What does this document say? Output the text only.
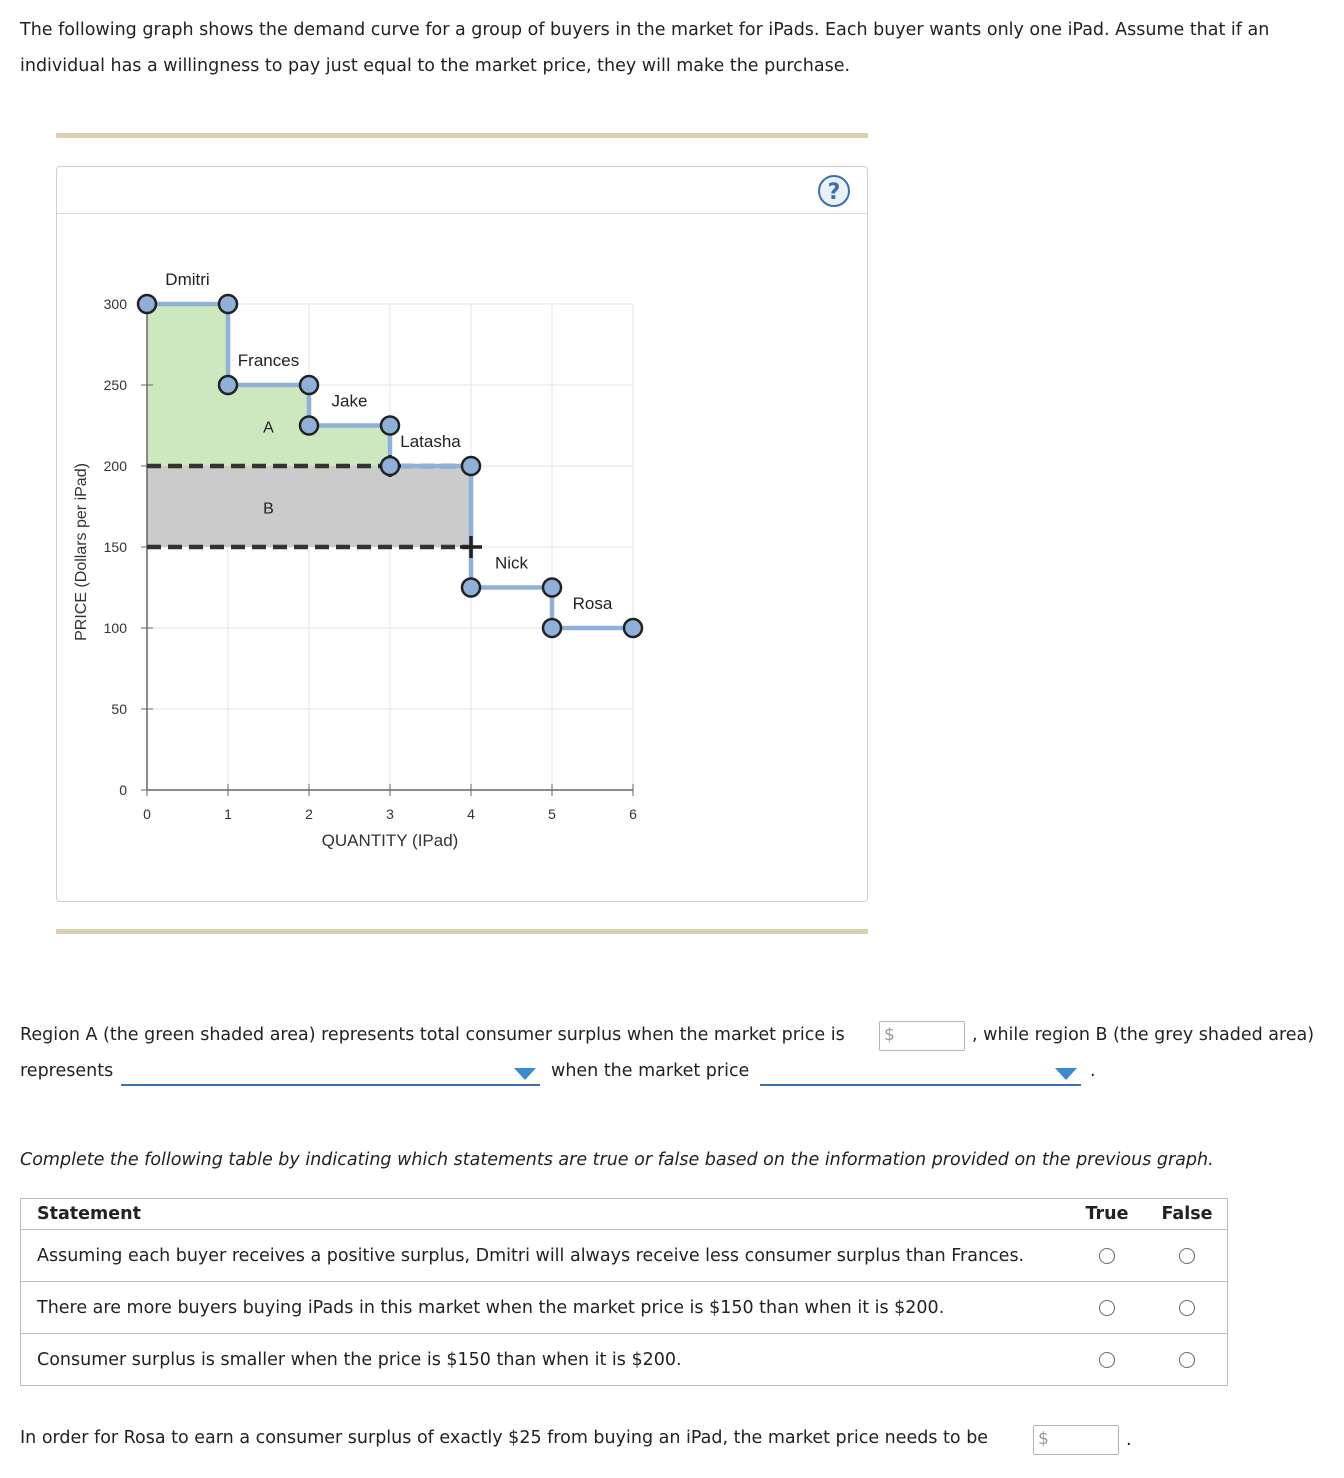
The following graph shows the demand curve for a group of buyers in the market for iPads. Each buyer wants only one iPad. Assume that if an individual has a willingness to pay just equal to the market price, they will make the purchase.
?
0
50
100
150
200
250
300
0	1	2	3	4	5	6
Dmitri
Frances
Jake
Latasha
Nick
Rosa
A
B
PRICE (Dollars per iPad)
QUANTITY (IPad)
Region A (the green shaded area) represents total consumer surplus when the market price is $	, while region B (the grey shaded area)
represents	when the market price	.
Complete the following table by indicating which statements are true or false based on the information provided on the previous graph.
Statement	True	False
Assuming each buyer receives a positive surplus, Dmitri will always receive less consumer surplus than Frances.		
There are more buyers buying iPads in this market when the market price is $150 than when it is $200.		
Consumer surplus is smaller when the price is $150 than when it is $200.		
In order for Rosa to earn a consumer surplus of exactly $25 from buying an iPad, the market price needs to be	$	.
